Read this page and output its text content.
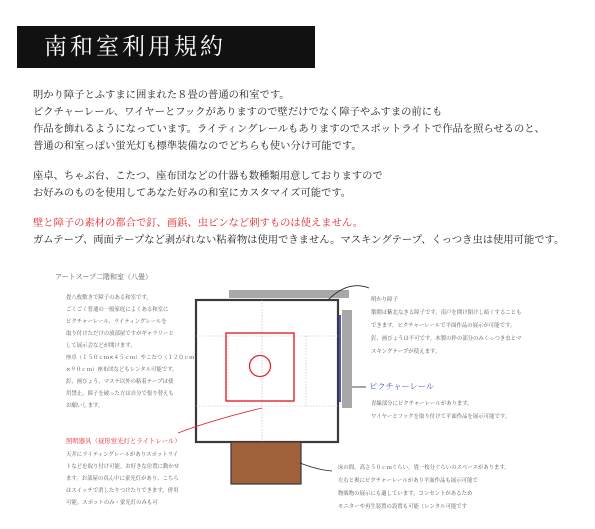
南和室利用規約
明かり障子とふすまに囲まれた８畳の普通の和室です。
ピクチャーレール、ワイヤーとフックがありますので壁だけでなく障子やふすまの前にも
作品を飾れるようになっています。ライティングレールもありますのでスポットライトで作品を照らせるのと、
普通の和室っぽい蛍光灯も標準装備なのでどちらも使い分け可能です。
座卓、ちゃぶ台、こたつ、座布団などの什器も数種類用意しておりますので
お好みのものを使用してあなた好みの和室にカスタマイズ可能です。
壁と障子の素材の都合で釘、画鋲、虫ピンなど刺すものは使えません。
ガムテープ、両面テープなど剥がれない粘着物は使用できません。マスキングテープ、くっつき虫は使用可能です。
アートスープ二階和室（八畳）
畳八枚敷きで障子のある和室です。
ごくごく普通の一般家庭によくある和室に
ピクチャーレール、ライティングレールを
取り付けただけの放部屋ですがギャラリーと
して展示会などが開けます。
座卓（１５０ｃｍ×４５ｃｍ）やこたつ（１２０ｃｍ
×９０ｃｍ）座布団などもレンタル可能です。
釘、画びょう、マステ以外の粘着テープは使
用禁止。障子を破った方は自分で張り替えも
お願いします。
照明器具（昼形蛍光灯とライトレール）
天井にライティングレールがありスポットライ
トなどを取り付け可能。お好きな位置に動かせ
ます。お部屋の真ん中に蛍光灯があり、こちら
はスイッチで消したりつけたりできます。併用
可能。スポットのみ・蛍光灯のみも可
明かり障子
築開は紫北なきる障子です。南戸を開け閉けし暗くすることも
できます。ピクチャーレールで平面作品の展示が可能です。
釘、画びょうは不可です。木製の枠の部分のみくっつき虫とマ
スキングテープが使えます。
ピクチャーレール
青線部分にピクチャーレールがあります。
ワイヤーとフックを取り付けて平面作品を展示可能です。
床の間。高さ５０ｃｍぐらい。畳一枚分ぐらいのスペースがあります。
左右と奥にピクチャーレールがあり平面作品も展示可能で
物販物の展示にも適しています。コンセントがあるため
モニターや再生装置の設置も可能（レンタル可能です
